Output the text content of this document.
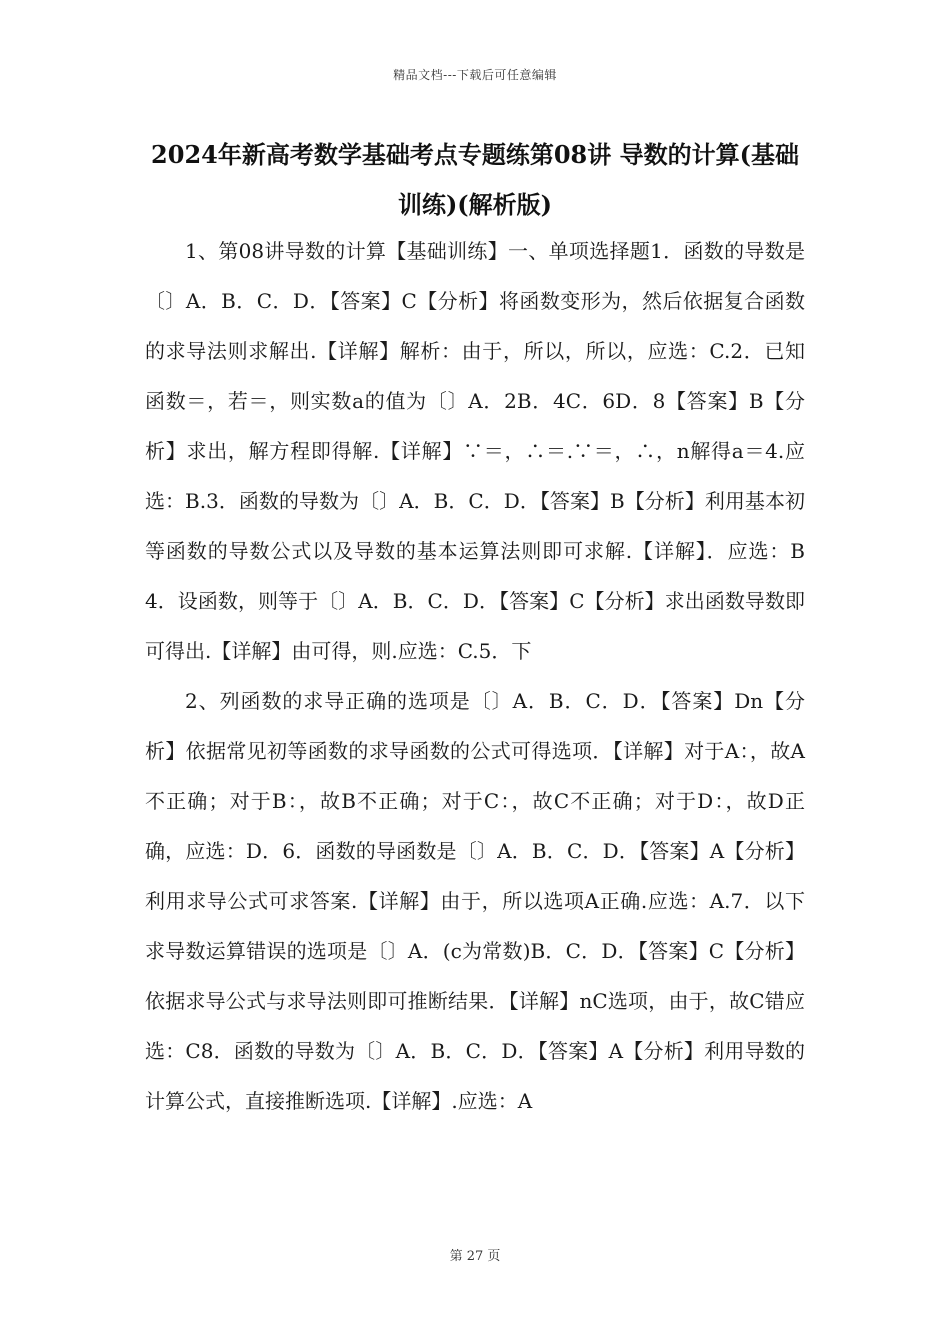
精品文档---下载后可任意编辑
2024年新高考数学基础考点专题练第08讲 导数的计算(基础训练)(解析版)

1、第08讲导数的计算【基础训练】一、单项选择题1．函数的导数是〔〕A．B．C．D．【答案】C【分析】将函数变形为，然后依据复合函数的求导法则求解出.【详解】解析：由于，所以，所以，应选：C.2．已知函数＝，若＝，则实数a的值为〔〕A．2B．4C．6D．8【答案】B【分析】求出，解方程即得解.【详解】∵＝，∴＝.∵＝，∴，n解得a＝4.应选：B.3．函数的导数为〔〕A．B．C．D．【答案】B【分析】利用基本初等函数的导数公式以及导数的基本运算法则即可求解.【详解】．应选：B4．设函数，则等于〔〕A．B．C．D．【答案】C【分析】求出函数导数即可得出.【详解】由可得，则.应选：C.5．下

2、列函数的求导正确的选项是〔〕A．B．C．D．【答案】Dn【分析】依据常见初等函数的求导函数的公式可得选项．【详解】对于A：，故A不正确；对于B：，故B不正确；对于C：，故C不正确；对于D：，故D正确，应选：D．6．函数的导函数是〔〕A．B．C．D．【答案】A【分析】利用求导公式可求答案.【详解】由于，所以选项A正确.应选：A.7．以下求导数运算错误的选项是〔〕A．(c为常数)B．C．D．【答案】C【分析】依据求导公式与求导法则即可推断结果．【详解】nC选项，由于，故C错应选：C8．函数的导数为〔〕A．B．C．D．【答案】A【分析】利用导数的计算公式，直接推断选项.【详解】.应选：A

第 27 页
